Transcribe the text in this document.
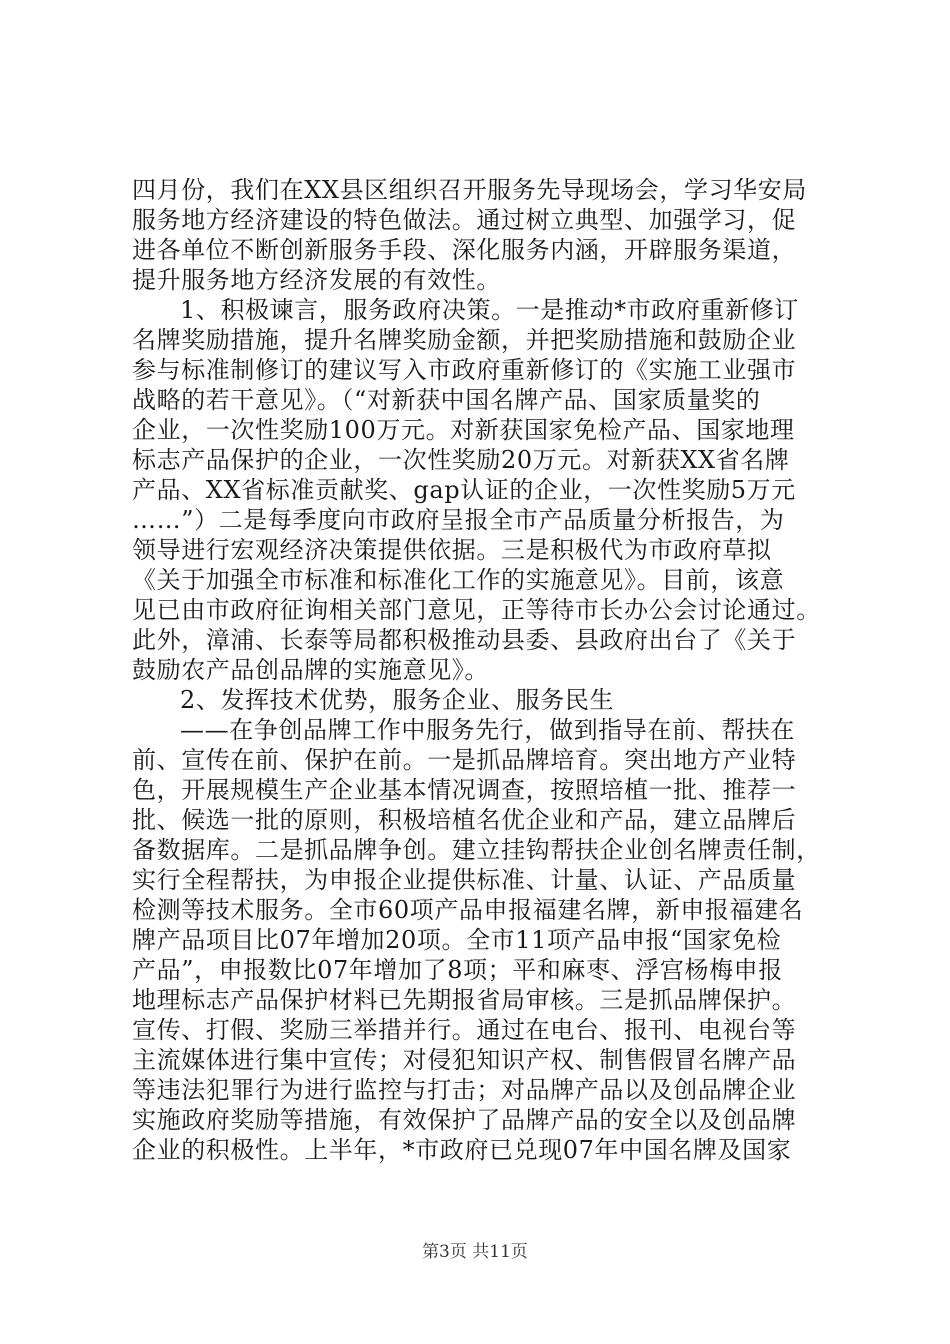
四月份，我们在XX县区组织召开服务先导现场会，学习华安局
服务地方经济建设的特色做法。通过树立典型、加强学习，促
进各单位不断创新服务手段、深化服务内涵，开辟服务渠道，
提升服务地方经济发展的有效性。
1、积极谏言，服务政府决策。一是推动*市政府重新修订
名牌奖励措施，提升名牌奖励金额，并把奖励措施和鼓励企业
参与标准制修订的建议写入市政府重新修订的《实施工业强市
战略的若干意见》。（“对新获中国名牌产品、国家质量奖的
企业，一次性奖励100万元。对新获国家免检产品、国家地理
标志产品保护的企业，一次性奖励20万元。对新获XX省名牌
产品、XX省标准贡献奖、gap认证的企业，一次性奖励5万元
……”）二是每季度向市政府呈报全市产品质量分析报告，为
领导进行宏观经济决策提供依据。三是积极代为市政府草拟
《关于加强全市标准和标准化工作的实施意见》。目前，该意
见已由市政府征询相关部门意见，正等待市长办公会讨论通过。
此外，漳浦、长泰等局都积极推动县委、县政府出台了《关于
鼓励农产品创品牌的实施意见》。
2、发挥技术优势，服务企业、服务民生
——在争创品牌工作中服务先行，做到指导在前、帮扶在
前、宣传在前、保护在前。一是抓品牌培育。突出地方产业特
色，开展规模生产企业基本情况调查，按照培植一批、推荐一
批、候选一批的原则，积极培植名优企业和产品，建立品牌后
备数据库。二是抓品牌争创。建立挂钩帮扶企业创名牌责任制，
实行全程帮扶，为申报企业提供标准、计量、认证、产品质量
检测等技术服务。全市60项产品申报福建名牌，新申报福建名
牌产品项目比07年增加20项。全市11项产品申报“国家免检
产品”，申报数比07年增加了8项；平和麻枣、浮宫杨梅申报
地理标志产品保护材料已先期报省局审核。三是抓品牌保护。
宣传、打假、奖励三举措并行。通过在电台、报刊、电视台等
主流媒体进行集中宣传；对侵犯知识产权、制售假冒名牌产品
等违法犯罪行为进行监控与打击；对品牌产品以及创品牌企业
实施政府奖励等措施，有效保护了品牌产品的安全以及创品牌
企业的积极性。上半年，*市政府已兑现07年中国名牌及国家
第3页 共11页
